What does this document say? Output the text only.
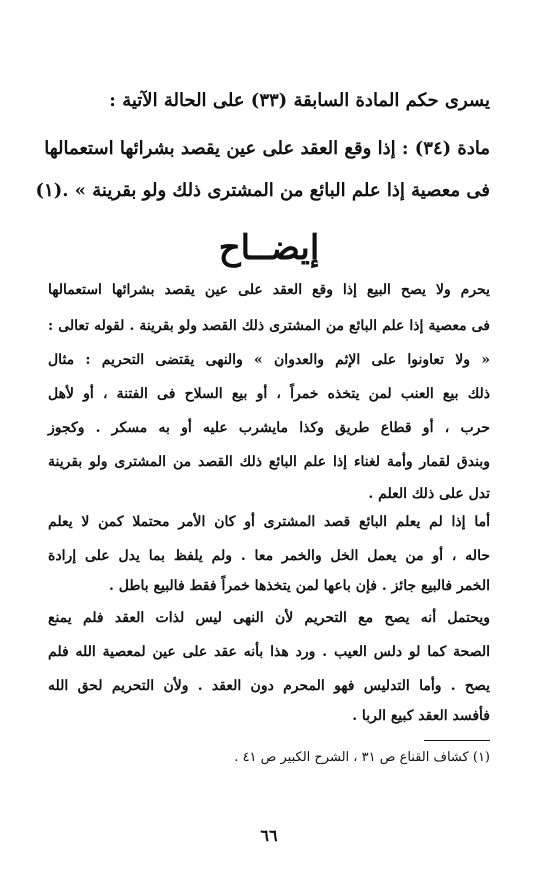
يسرى حكم المادة السابقة (٣٣) على الحالة الآتية :
مادة (٣٤) : إذا وقع العقد على عين يقصد بشرائها استعمالها
فى معصية إذا علم البائع من المشترى ذلك ولو بقرينة » .(١)
إيضــاح
يحرم ولا يصح البيع إذا وقع العقد على عين يقصد بشرائها استعمالها
فى معصية إذا علم البائع من المشترى ذلك القصد ولو بقرينة . لقوله تعالى :
« ولا تعاونوا على الإثم والعدوان » والنهى يقتضى التحريم : مثال
ذلك بيع العنب لمن يتخذه خمراً ، أو بيع السلاح فى الفتنة ، أو لأهل
حرب ، أو قطاع طريق وكذا مايشرب عليه أو به مسكر . وكجوز
وبندق لقمار وأمة لغناء إذا علم البائع ذلك القصد من المشترى ولو بقرينة
تدل على ذلك العلم .
أما إذا لم يعلم البائع قصد المشترى أو كان الأمر محتملا كمن لا يعلم
حاله ، أو من يعمل الخل والخمر معا . ولم يلفظ بما يدل على إرادة
الخمر فالبيع جائز . فإن باعها لمن يتخذها خمراً فقط فالبيع باطل .
ويحتمل أنه يصح مع التحريم لأن النهى ليس لذات العقد فلم يمنع
الصحة كما لو دلس العيب . ورد هذا بأنه عقد على عين لمعصية الله فلم
يصح . وأما التدليس فهو المحرم دون العقد . ولأن التحريم لحق الله
فأفسد العقد كبيع الربا .
(١) كشاف القناع ص ٣١ ، الشرح الكبير ص ٤١ .
٦٦
